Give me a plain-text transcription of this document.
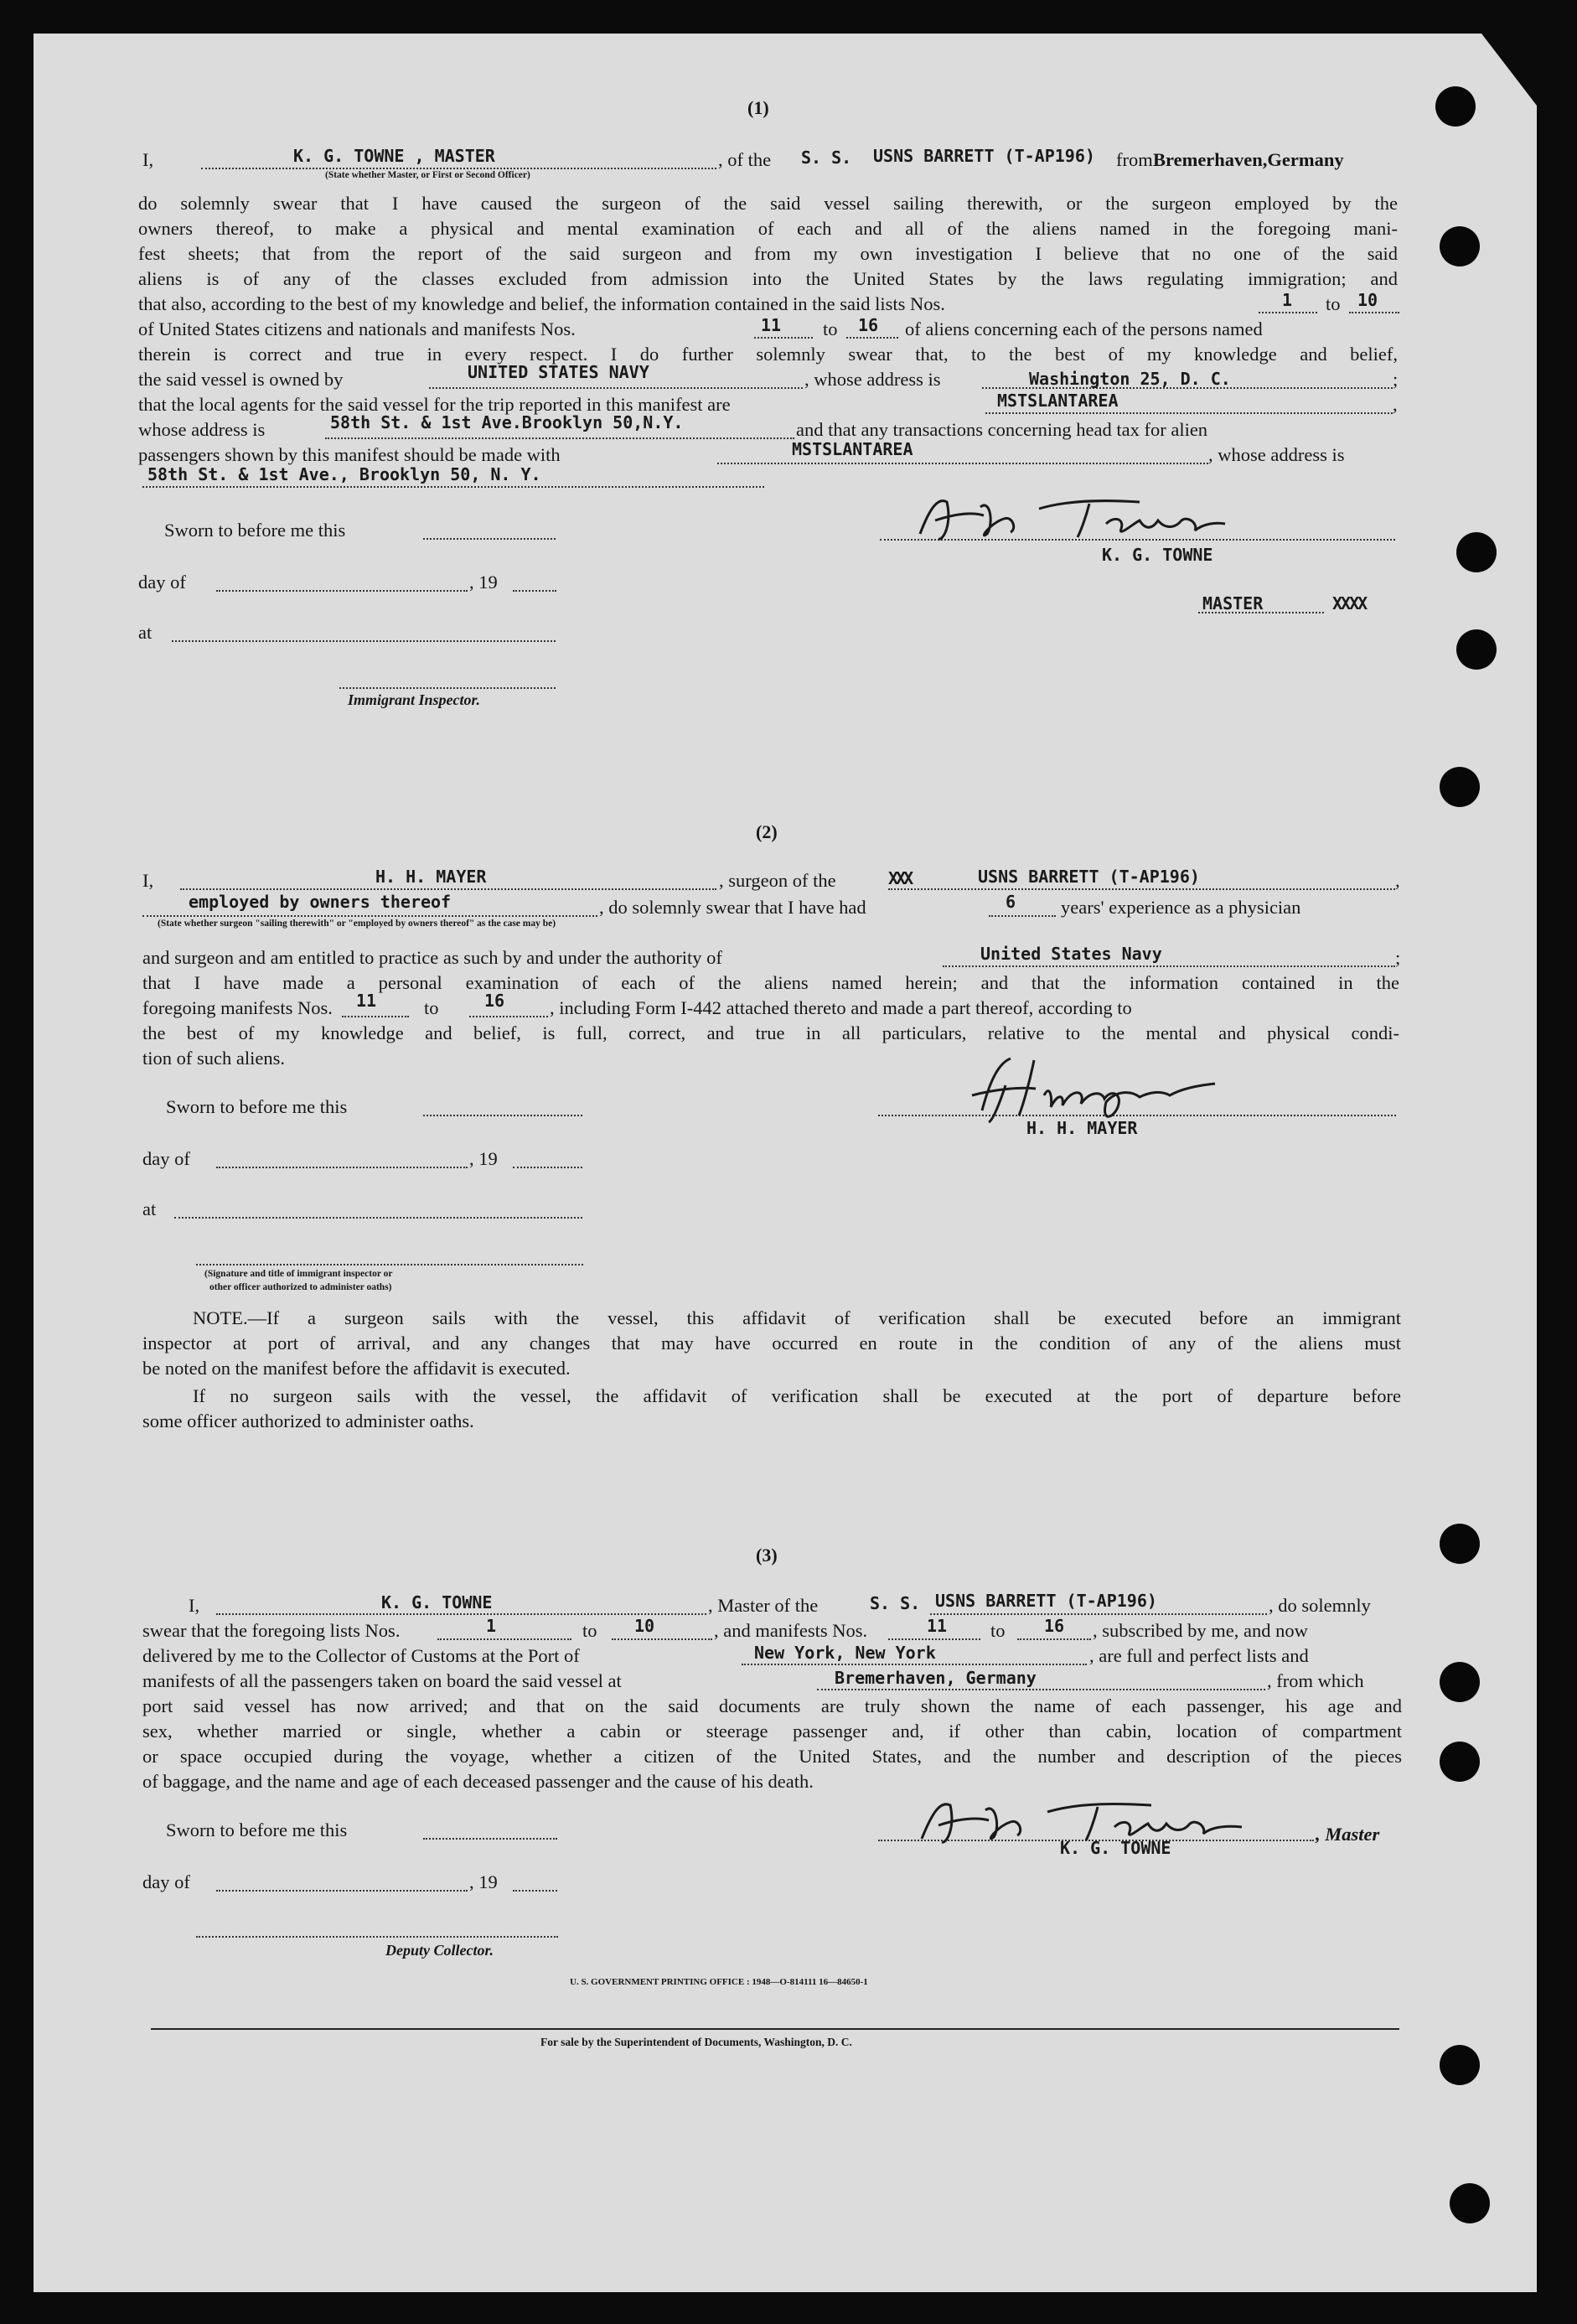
(1)
I,	K. G. TOWNE , MASTER
(State whether Master, or First or Second Officer)
, of the S. S. USNS BARRETT (T-AP196) from Bremerhaven,Germany
do solemnly swear that I have caused the surgeon of the said vessel sailing therewith, or the surgeon employed by the
owners thereof, to make a physical and mental examination of each and all of the aliens named in the foregoing mani-
fest sheets; that from the report of the said surgeon and from my own investigation I believe that no one of the said
aliens is of any of the classes excluded from admission into the United States by the laws regulating immigration; and
that also, according to the best of my knowledge and belief, the information contained in the said lists Nos.	1 to 10
of United States citizens and nationals and manifests Nos.	11 to 16 of aliens concerning each of the persons named
therein is correct and true in every respect. I do further solemnly swear that, to the best of my knowledge and belief,
the said vessel is owned by	UNITED STATES NAVY	, whose address is	Washington 25, D. C.	;
that the local agents for the said vessel for the trip reported in this manifest are	MSTSLANTAREA	,
whose address is	58th St. & 1st Ave.Brooklyn 50,N.Y.	and that any transactions concerning head tax for alien
passengers shown by this manifest should be made with	MSTSLANTAREA	, whose address is
58th St. & 1st Ave., Brooklyn 50, N. Y.
Sworn to before me this
day of	, 19
at
Immigrant Inspector.
K. G. TOWNE
MASTER	XXXX
(2)
I,	H. H. MAYER	, surgeon of the	XXX	USNS BARRETT (T-AP196)	,
employed by owners thereof	, do solemnly swear that I have had	6 years' experience as a physician
(State whether surgeon "sailing therewith" or "employed by owners thereof" as the case may be)
and surgeon and am entitled to practice as such by and under the authority of	United States Navy	;
that I have made a personal examination of each of the aliens named herein; and that the information contained in the
foregoing manifests Nos. 11	to	16 , including Form I-442 attached thereto and made a part thereof, according to
the best of my knowledge and belief, is full, correct, and true in all particulars, relative to the mental and physical condi-
tion of such aliens.
Sworn to before me this
day of	, 19
at
(Signature and title of immigrant inspector or
other officer authorized to administer oaths)
H. H. MAYER
NOTE.—If a surgeon sails with the vessel, this affidavit of verification shall be executed before an immigrant
inspector at port of arrival, and any changes that may have occurred en route in the condition of any of the aliens must
be noted on the manifest before the affidavit is executed.
If no surgeon sails with the vessel, the affidavit of verification shall be executed at the port of departure before
some officer authorized to administer oaths.
(3)
I,	K. G. TOWNE	, Master of the	S. S. USNS BARRETT (T-AP196)	, do solemnly
swear that the foregoing lists Nos.	1	to 10	, and manifests Nos.	11 to 16 , subscribed by me, and now
delivered by me to the Collector of Customs at the Port of	New York, New York	, are full and perfect lists and
manifests of all the passengers taken on board the said vessel at	Bremerhaven, Germany	, from which
port said vessel has now arrived; and that on the said documents are truly shown the name of each passenger, his age and
sex, whether married or single, whether a cabin or steerage passenger and, if other than cabin, location of compartment
or space occupied during the voyage, whether a citizen of the United States, and the number and description of the pieces
of baggage, and the name and age of each deceased passenger and the cause of his death.
Sworn to before me this
day of	, 19
Deputy Collector.
, Master
K. G. TOWNE
U. S. GOVERNMENT PRINTING OFFICE : 1948—O-814111 16—84650-1
For sale by the Superintendent of Documents, Washington, D. C.
